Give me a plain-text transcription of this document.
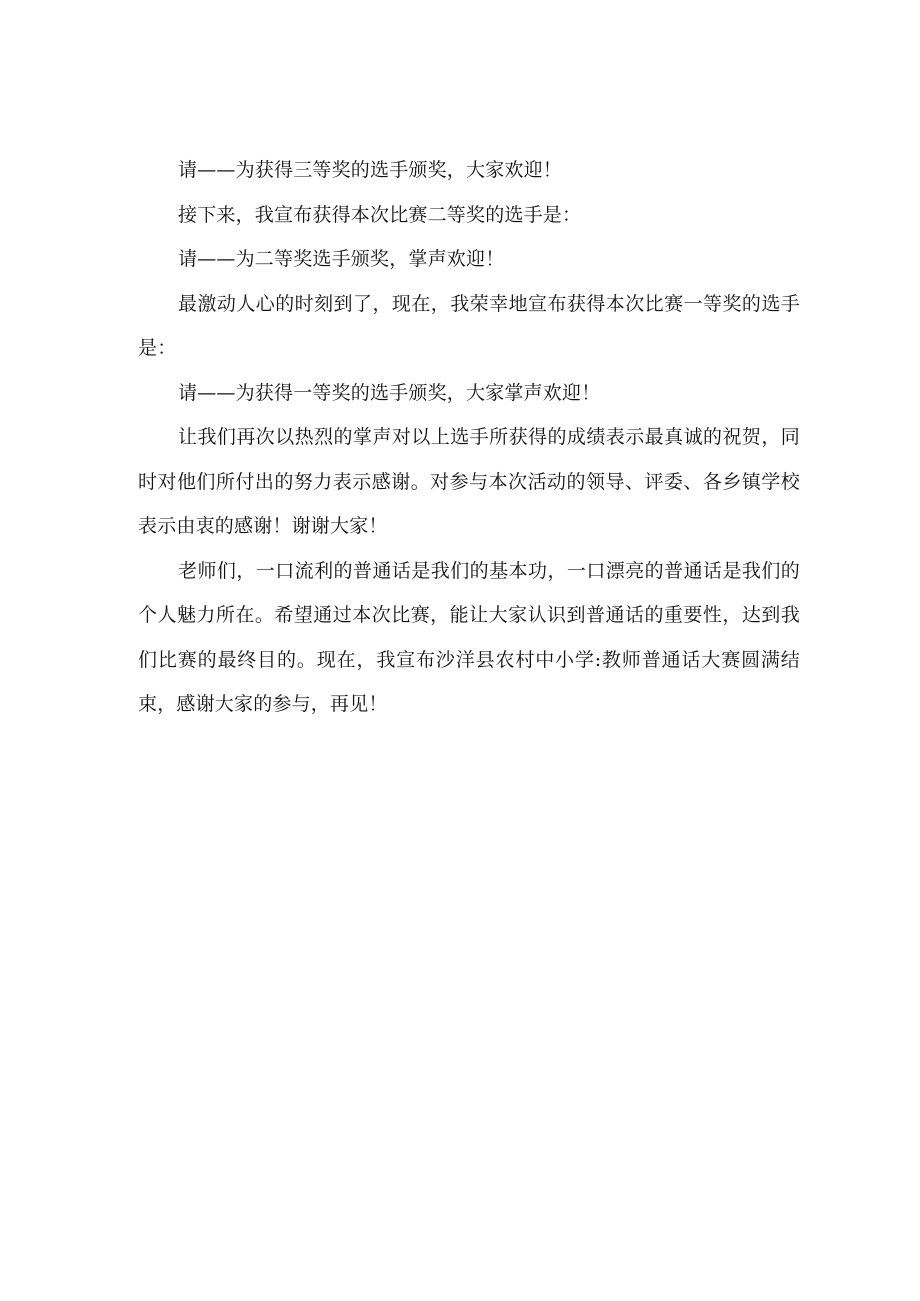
请——为获得三等奖的选手颁奖，大家欢迎！

接下来，我宣布获得本次比赛二等奖的选手是：

请——为二等奖选手颁奖，掌声欢迎！

最激动人心的时刻到了，现在，我荣幸地宣布获得本次比赛一等奖的选手是：

请——为获得一等奖的选手颁奖，大家掌声欢迎！

让我们再次以热烈的掌声对以上选手所获得的成绩表示最真诚的祝贺，同时对他们所付出的努力表示感谢。对参与本次活动的领导、评委、各乡镇学校表示由衷的感谢！谢谢大家！

老师们，一口流利的普通话是我们的基本功，一口漂亮的普通话是我们的个人魅力所在。希望通过本次比赛，能让大家认识到普通话的重要性，达到我们比赛的最终目的。现在，我宣布沙洋县农村中小学:教师普通话大赛圆满结束，感谢大家的参与，再见！
